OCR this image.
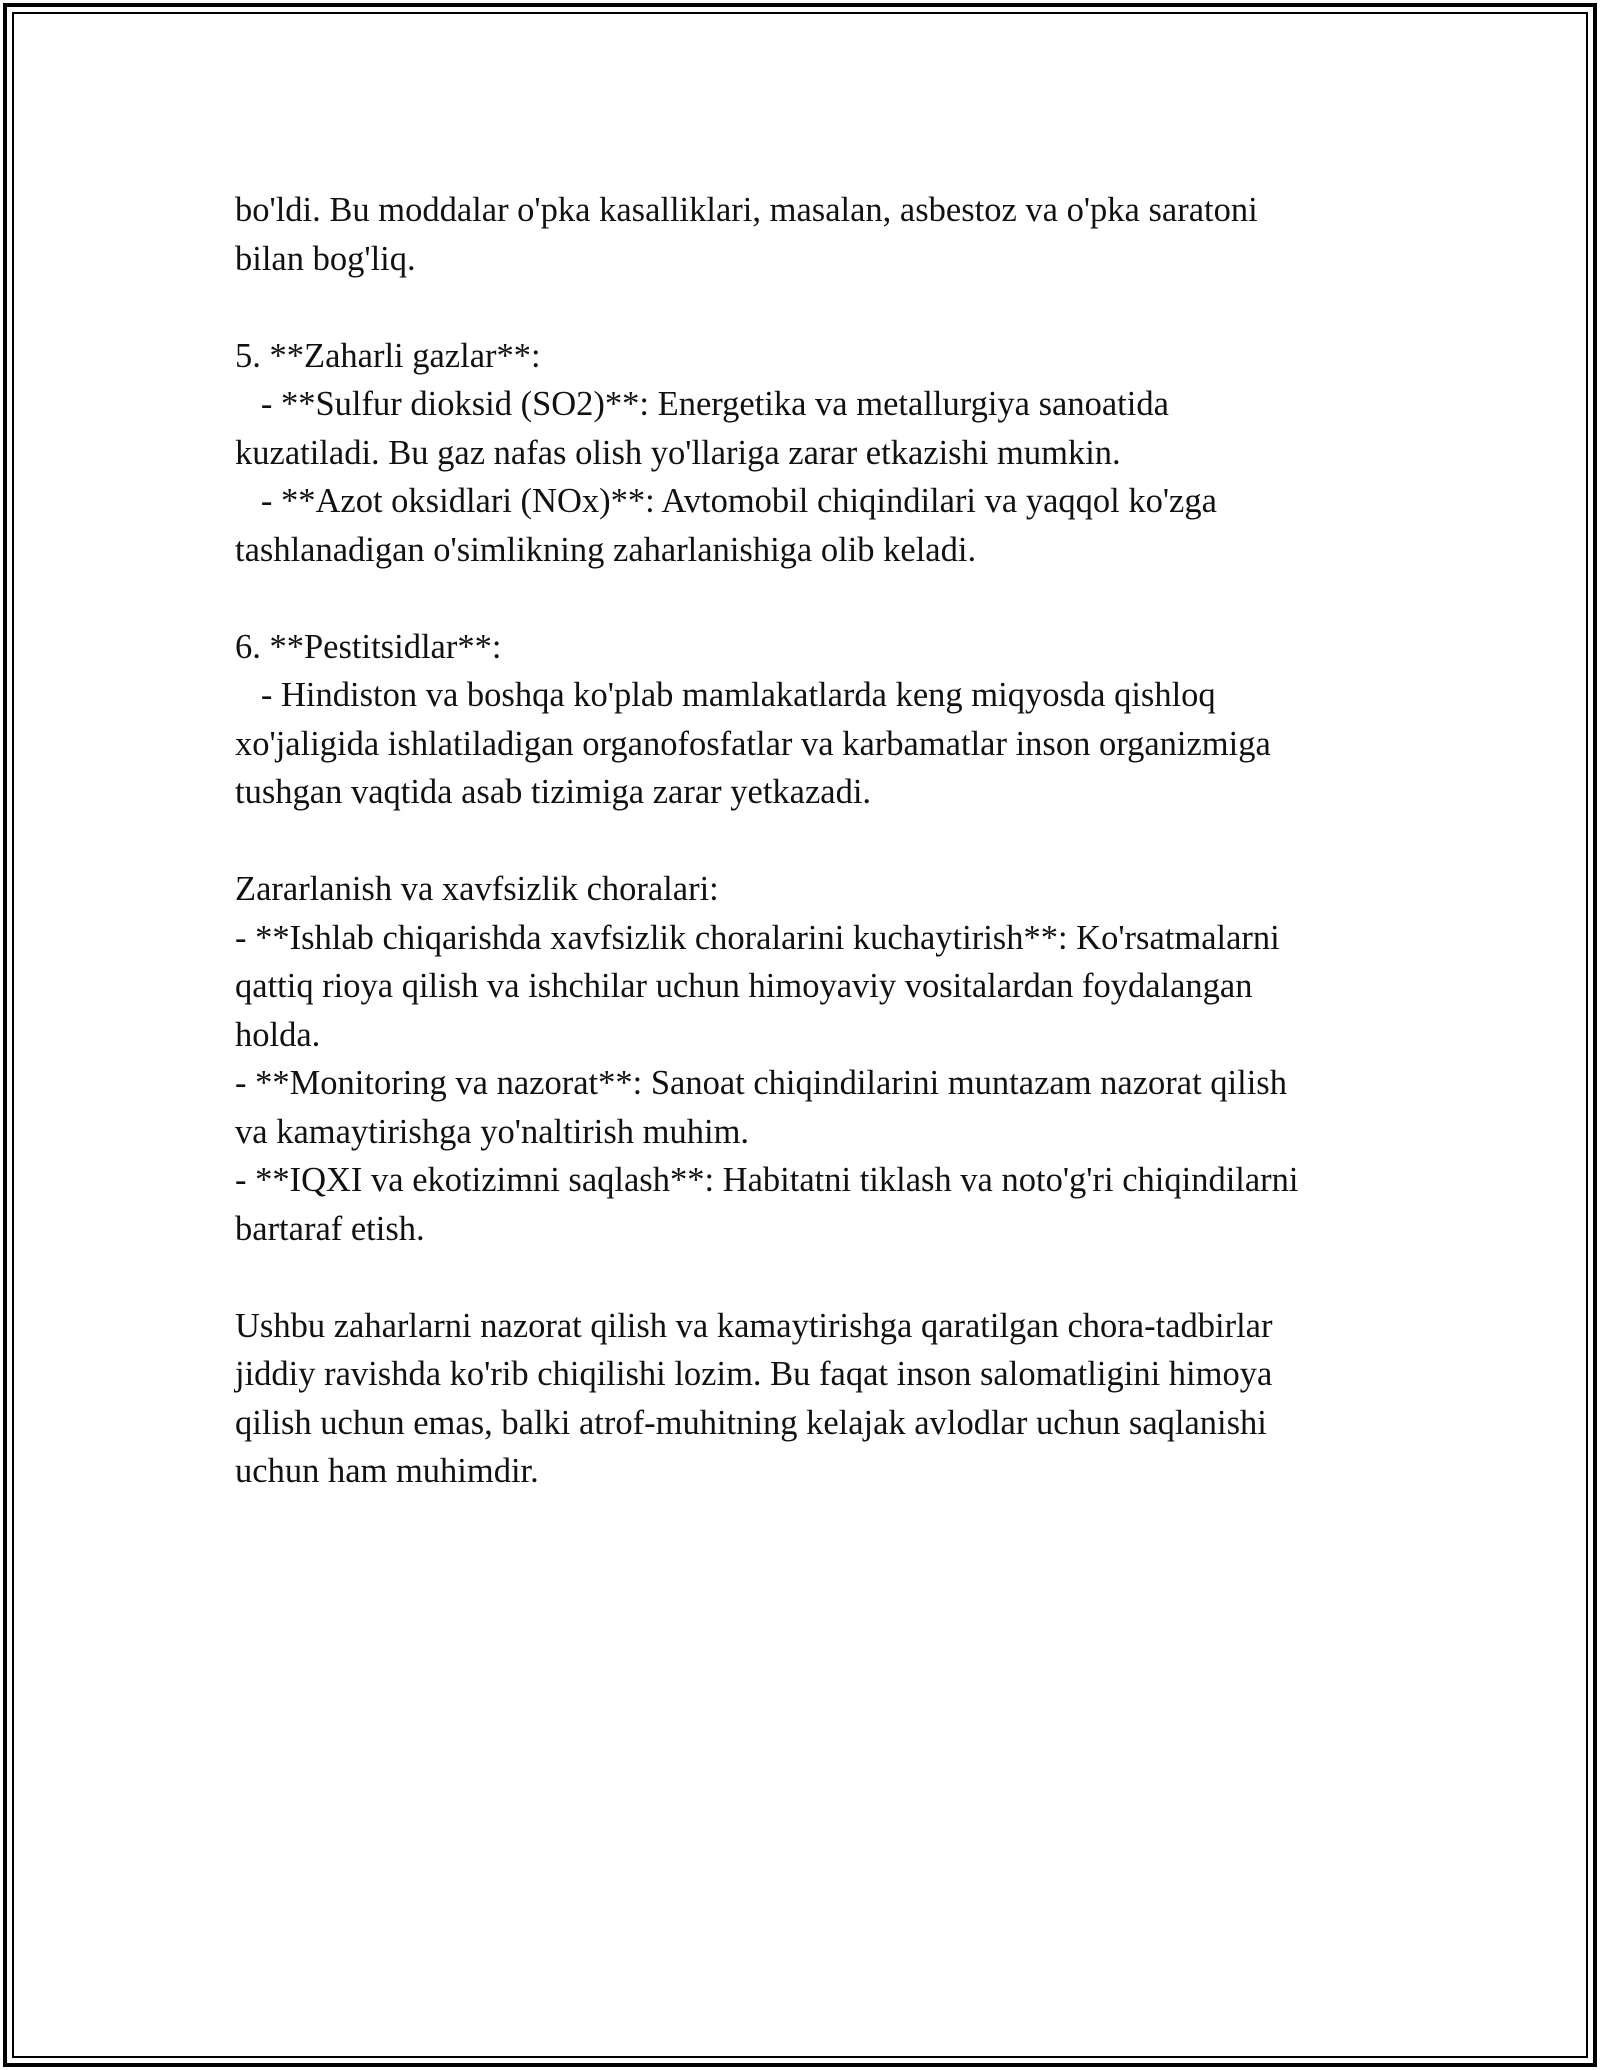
bo'ldi. Bu moddalar o'pka kasalliklari, masalan, asbestoz va o'pka saratoni

bilan bog'liq.

5. **Zaharli gazlar**:

- **Sulfur dioksid (SO2)**: Energetika va metallurgiya sanoatida

kuzatiladi. Bu gaz nafas olish yo'llariga zarar etkazishi mumkin.

- **Azot oksidlari (NOx)**: Avtomobil chiqindilari va yaqqol ko'zga

tashlanadigan o'simlikning zaharlanishiga olib keladi.

6. **Pestitsidlar**:

- Hindiston va boshqa ko'plab mamlakatlarda keng miqyosda qishloq

xo'jaligida ishlatiladigan organofosfatlar va karbamatlar inson organizmiga

tushgan vaqtida asab tizimiga zarar yetkazadi.

Zararlanish va xavfsizlik choralari:

- **Ishlab chiqarishda xavfsizlik choralarini kuchaytirish**: Ko'rsatmalarni

qattiq rioya qilish va ishchilar uchun himoyaviy vositalardan foydalangan

holda.

- **Monitoring va nazorat**: Sanoat chiqindilarini muntazam nazorat qilish

va kamaytirishga yo'naltirish muhim.

- **IQXI va ekotizimni saqlash**: Habitatni tiklash va noto'g'ri chiqindilarni

bartaraf etish.

Ushbu zaharlarni nazorat qilish va kamaytirishga qaratilgan chora-tadbirlar

jiddiy ravishda ko'rib chiqilishi lozim. Bu faqat inson salomatligini himoya

qilish uchun emas, balki atrof-muhitning kelajak avlodlar uchun saqlanishi

uchun ham muhimdir.
